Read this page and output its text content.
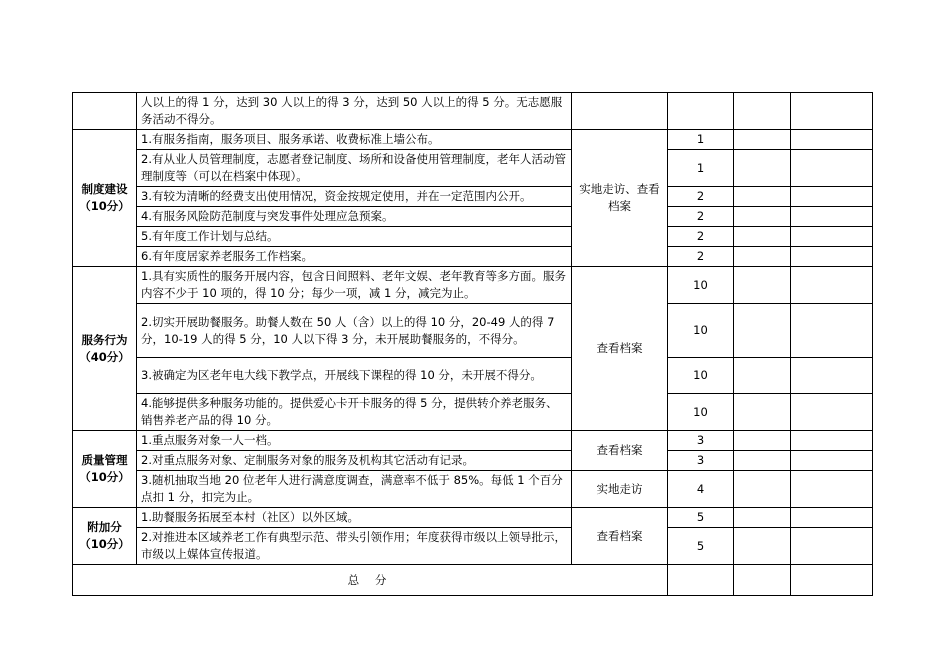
	人以上的得 1 分，达到 30 人以上的得 3 分，达到 50 人以上的得 5 分。无志愿服务活动不得分。				

制度建设
（10分）	1.有服务指南，服务项目、服务承诺、收费标准上墙公布。	实地走访、查看档案	1		
	2.有从业人员管理制度，志愿者登记制度、场所和设备使用管理制度，老年人活动管理制度等（可以在档案中体现）。		1		
	3.有较为清晰的经费支出使用情况，资金按规定使用，并在一定范围内公开。		2		
	4.有服务风险防范制度与突发事件处理应急预案。		2		
	5.有年度工作计划与总结。		2		
	6.有年度居家养老服务工作档案。		2		

服务行为
（40分）	1.具有实质性的服务开展内容，包含日间照料、老年文娱、老年教育等多方面。服务内容不少于 10 项的，得 10 分；每少一项，减 1 分，减完为止。	查看档案	10		
	2.切实开展助餐服务。助餐人数在 50 人（含）以上的得 10 分，20-49 人的得 7 分，10-19 人的得 5 分，10 人以下得 3 分，未开展助餐服务的，不得分。		10		
	3.被确定为区老年电大线下教学点，开展线下课程的得 10 分，未开展不得分。		10		
	4.能够提供多种服务功能的。提供爱心卡开卡服务的得 5 分，提供转介养老服务、销售养老产品的得 10 分。		10		

质量管理
（10分）	1.重点服务对象一人一档。	查看档案	3		
	2.对重点服务对象、定制服务对象的服务及机构其它活动有记录。		3		
	3.随机抽取当地 20 位老年人进行满意度调查，满意率不低于 85%。每低 1 个百分点扣 1 分，扣完为止。	实地走访	4		

附加分
（10分）	1.助餐服务拓展至本村（社区）以外区域。	查看档案	5		
	2.对推进本区域养老工作有典型示范、带头引领作用；年度获得市级以上领导批示，市级以上媒体宣传报道。		5		
总 分					
